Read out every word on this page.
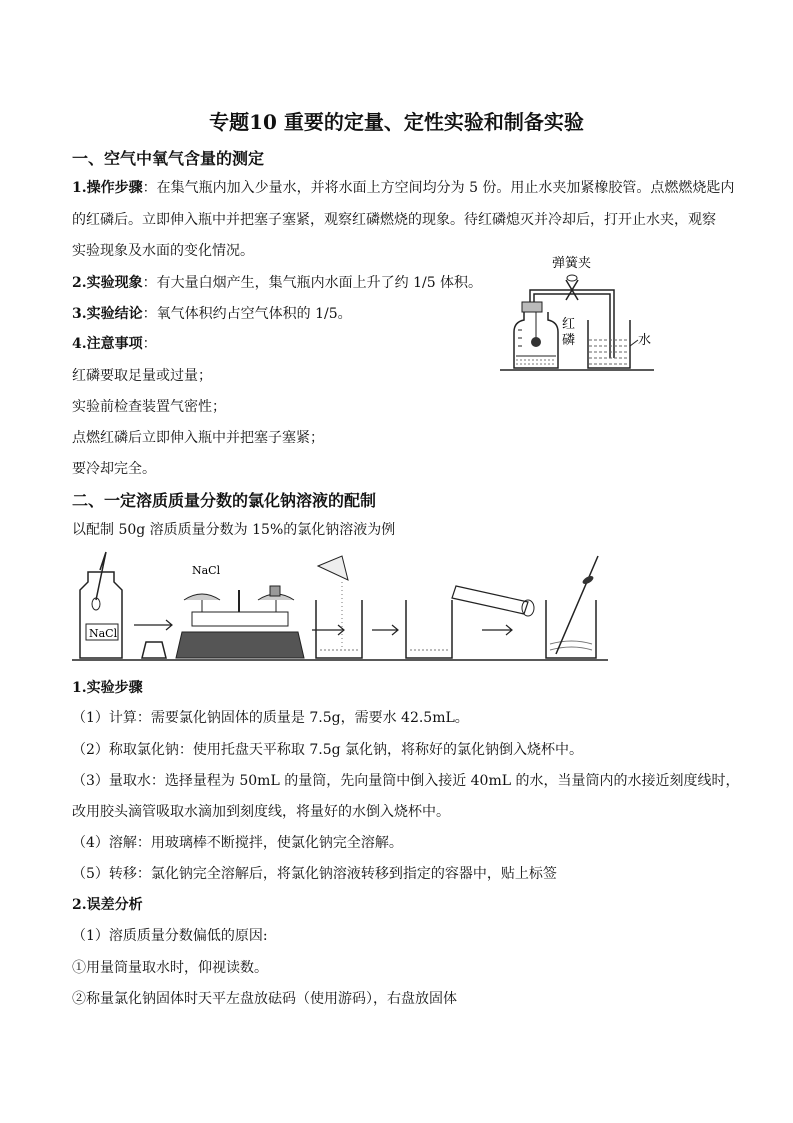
专题10 重要的定量、定性实验和制备实验
一、空气中氧气含量的测定
1.操作步骤：在集气瓶内加入少量水，并将水面上方空间均分为 5 份。用止水夹加紧橡胶管。点燃燃烧匙内
的红磷后。立即伸入瓶中并把塞子塞紧，观察红磷燃烧的现象。待红磷熄灭并冷却后，打开止水夹，观察
实验现象及水面的变化情况。
2.实验现象：有大量白烟产生，集气瓶内水面上升了约 1/5 体积。
3.实验结论：氧气体积约占空气体积的 1/5。
4.注意事项：
红磷要取足量或过量；
实验前检查装置气密性；
点燃红磷后立即伸入瓶中并把塞子塞紧；
要冷却完全。
弹簧夹
红
磷	水
二、一定溶质质量分数的氯化钠溶液的配制
以配制 50g 溶质质量分数为 15%的氯化钠溶液为例
NaCl
NaCl
1.实验步骤
（1）计算：需要氯化钠固体的质量是 7.5g，需要水 42.5mL。
（2）称取氯化钠：使用托盘天平称取 7.5g 氯化钠，将称好的氯化钠倒入烧杯中。
（3）量取水：选择量程为 50mL 的量筒，先向量筒中倒入接近 40mL 的水，当量筒内的水接近刻度线时，
改用胶头滴管吸取水滴加到刻度线，将量好的水倒入烧杯中。
（4）溶解：用玻璃棒不断搅拌，使氯化钠完全溶解。
（5）转移：氯化钠完全溶解后，将氯化钠溶液转移到指定的容器中，贴上标签
2.误差分析
（1）溶质质量分数偏低的原因:
①用量筒量取水时，仰视读数。
②称量氯化钠固体时天平左盘放砝码（使用游码），右盘放固体
